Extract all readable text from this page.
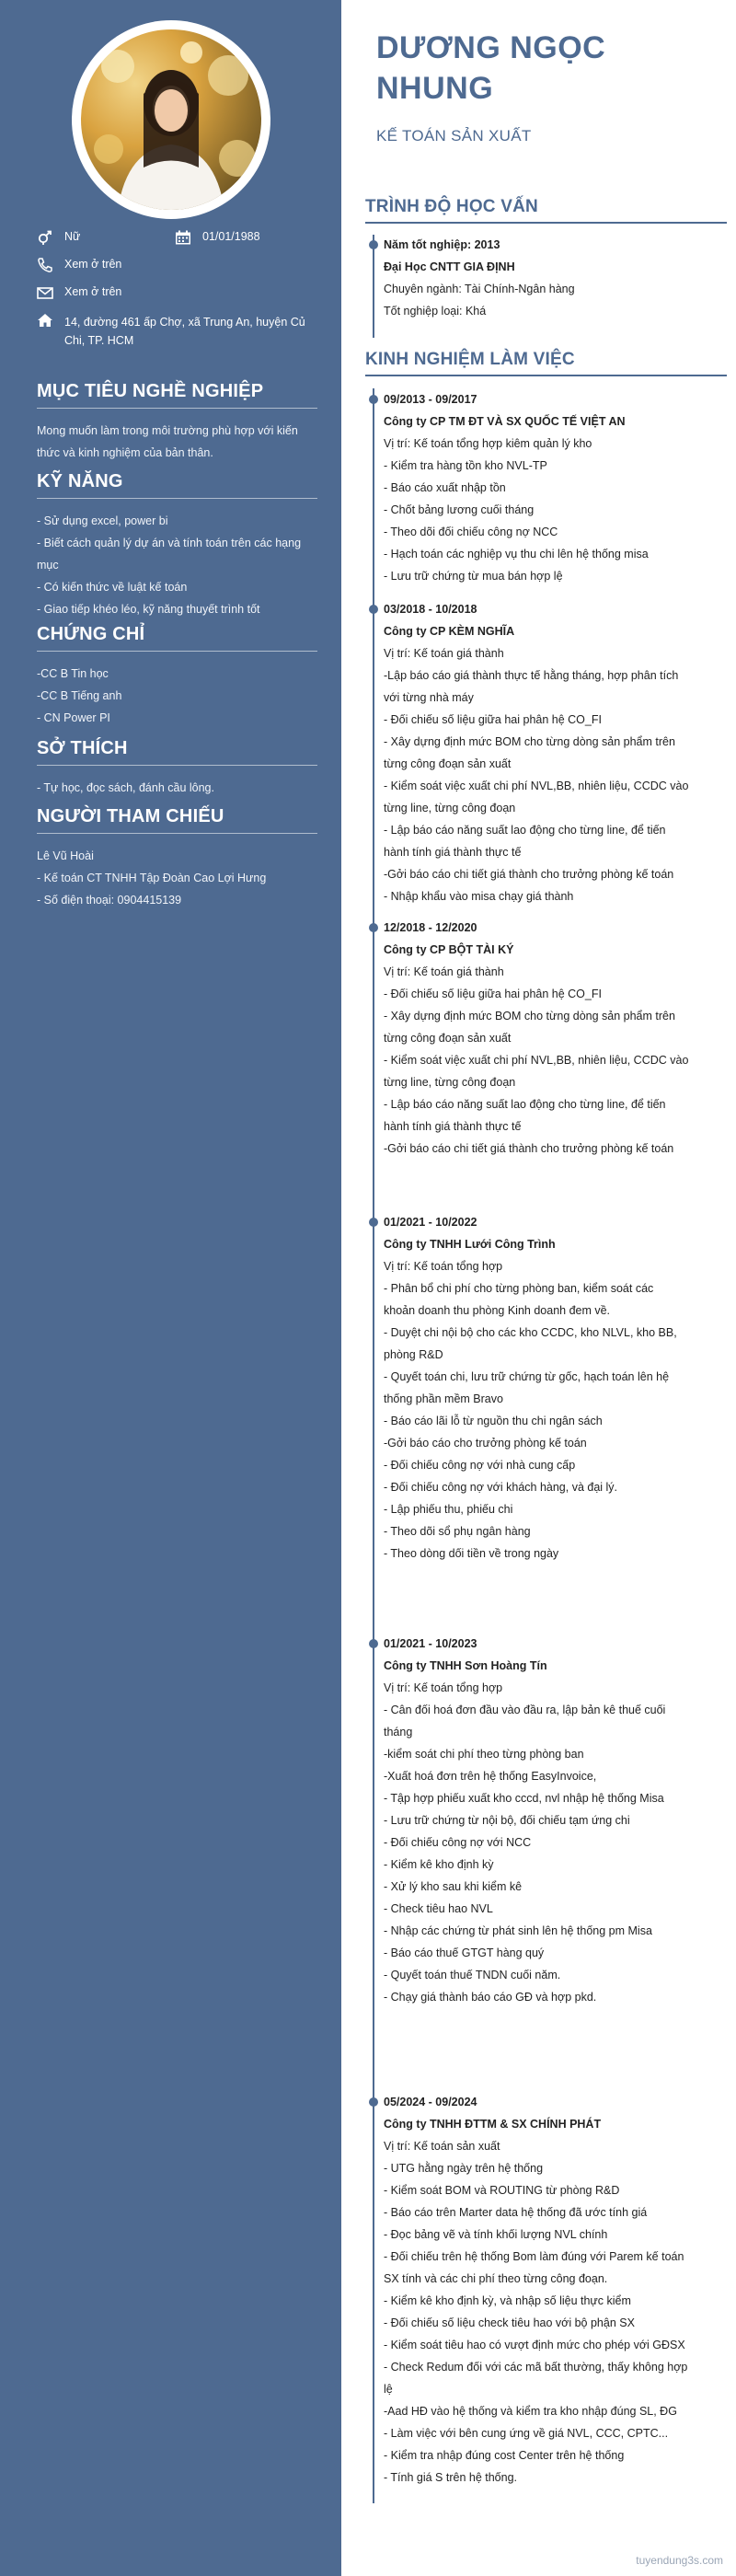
Nữ	01/01/1988
Xem ở trên
Xem ở trên
14, đường 461 ấp Chợ, xã Trung An, huyện Củ Chi, TP. HCM
MỤC TIÊU NGHỀ NGHIỆP
Mong muốn làm trong môi trường phù hợp với kiến thức và kinh nghiệm của bản thân.
KỸ NĂNG
- Sử dụng excel, power bi
- Biết cách quản lý dự án và tính toán trên các hạng mục
- Có kiến thức về luật kế toán
- Giao tiếp khéo léo, kỹ năng thuyết trình tốt
CHỨNG CHỈ
-CC B Tin học
-CC B Tiếng anh
- CN Power PI
SỞ THÍCH
- Tự học, đọc sách, đánh cầu lông.
NGƯỜI THAM CHIẾU
Lê Vũ Hoài
- Kế toán CT TNHH Tập Đoàn Cao Lợi Hưng
- Số điện thoại: 0904415139
DƯƠNG NGỌC NHUNG
KẾ TOÁN SẢN XUẤT
TRÌNH ĐỘ HỌC VẤN
Năm tốt nghiệp: 2013
Đại Học CNTT GIA ĐỊNH
Chuyên ngành: Tài Chính-Ngân hàng
Tốt nghiệp loại: Khá
KINH NGHIỆM LÀM VIỆC
09/2013 - 09/2017
Công ty CP TM ĐT VÀ SX QUỐC TẾ VIỆT AN
Vị trí: Kế toán tổng hợp kiêm quản lý kho
- Kiểm tra hàng tồn kho NVL-TP
- Báo cáo xuất nhập tồn
- Chốt bảng lương cuối tháng
- Theo dõi đối chiếu công nợ NCC
- Hạch toán các nghiệp vụ thu chi lên hệ thống misa
- Lưu trữ chứng từ mua bán hợp lệ
03/2018 - 10/2018
Công ty CP KÈM NGHĨA
Vị trí: Kế toán giá thành
-Lập báo cáo giá thành thực tế hằng tháng, hợp phân tích
với từng nhà máy
- Đối chiếu số liệu giữa hai phân hệ CO_FI
- Xây dựng định mức BOM cho từng dòng sản phẩm trên
từng công đoạn sản xuất
- Kiểm soát việc xuất chi phí NVL,BB, nhiên liệu, CCDC vào
từng line, từng công đoạn
- Lập báo cáo năng suất lao động cho từng line, để tiến
hành tính giá thành thực tế
-Gởi báo cáo chi tiết giá thành cho trưởng phòng kế toán
- Nhập khẩu vào misa chạy giá thành
12/2018 - 12/2020
Công ty CP BỘT TÀI KÝ
Vị trí: Kế toán giá thành
- Đối chiếu số liệu giữa hai phân hệ CO_FI
- Xây dựng định mức BOM cho từng dòng sản phẩm trên
từng công đoạn sản xuất
- Kiểm soát việc xuất chi phí NVL,BB, nhiên liệu, CCDC vào
từng line, từng công đoạn
- Lập báo cáo năng suất lao động cho từng line, để tiến
hành tính giá thành thực tế
-Gởi báo cáo chi tiết giá thành cho trưởng phòng kế toán
01/2021 - 10/2022
Công ty TNHH Lưới Công Trình
Vị trí: Kế toán tổng hợp
- Phân bổ chi phí cho từng phòng ban, kiểm soát các
khoản doanh thu phòng Kinh doanh đem về.
- Duyệt chi nội bộ cho các kho CCDC, kho NLVL, kho BB,
phòng R&D
- Quyết toán chi, lưu trữ chứng từ gốc, hạch toán lên hệ
thống phần mềm Bravo
- Báo cáo lãi lỗ từ nguồn thu chi ngân sách
-Gởi báo cáo cho trưởng phòng kế toán
- Đối chiếu công nợ với nhà cung cấp
- Đối chiếu công nợ với khách hàng, và đại lý.
- Lập phiếu thu, phiếu chi
- Theo dõi sổ phụ ngân hàng
- Theo dòng dối tiền về trong ngày
01/2021 - 10/2023
Công ty TNHH Sơn Hoàng Tín
Vị trí: Kế toán tổng hợp
- Cân đối hoá đơn đầu vào đầu ra, lập bản kê thuế cuối
tháng
-kiểm soát chi phí theo từng phòng ban
-Xuất hoá đơn trên hệ thống EasyInvoice,
- Tập hợp phiếu xuất kho cccd, nvl nhập hệ thống Misa
- Lưu trữ chứng từ nội bộ, đối chiếu tạm ứng chi
- Đối chiếu công nợ với NCC
- Kiểm kê kho định kỳ
- Xử lý kho sau khi kiểm kê
- Check tiêu hao NVL
- Nhập các chứng từ phát sinh lên hệ thống pm Misa
- Báo cáo thuế GTGT hàng quý
- Quyết toán thuế TNDN cuối năm.
- Chạy giá thành báo cáo GĐ và hợp pkd.
05/2024 - 09/2024
Công ty TNHH ĐTTM & SX CHÍNH PHÁT
Vị trí: Kế toán sản xuất
- UTG hằng ngày trên hệ thống
- Kiểm soát BOM và ROUTING từ phòng R&D
- Báo cáo trên Marter data hệ thống đã ước tính giá
- Đọc bảng vẽ và tính khối lượng NVL chính
- Đối chiếu trên hệ thống Bom làm đúng với Parem kế toán
SX tính và các chi phí theo từng công đoạn.
- Kiểm kê kho định kỳ, và nhập số liệu thực kiểm
- Đối chiếu số liệu check tiêu hao với bộ phận SX
- Kiểm soát tiêu hao có vượt định mức cho phép với GĐSX
- Check Redum đối với các mã bất thường, thấy không hợp
lệ
-Aad HĐ vào hệ thống và kiểm tra kho nhập đúng SL, ĐG
- Làm việc với bên cung ứng về giá NVL, CCC, CPTC...
- Kiểm tra nhập đúng cost Center trên hệ thống
- Tính giá S trên hệ thống.
tuyendung3s.com
